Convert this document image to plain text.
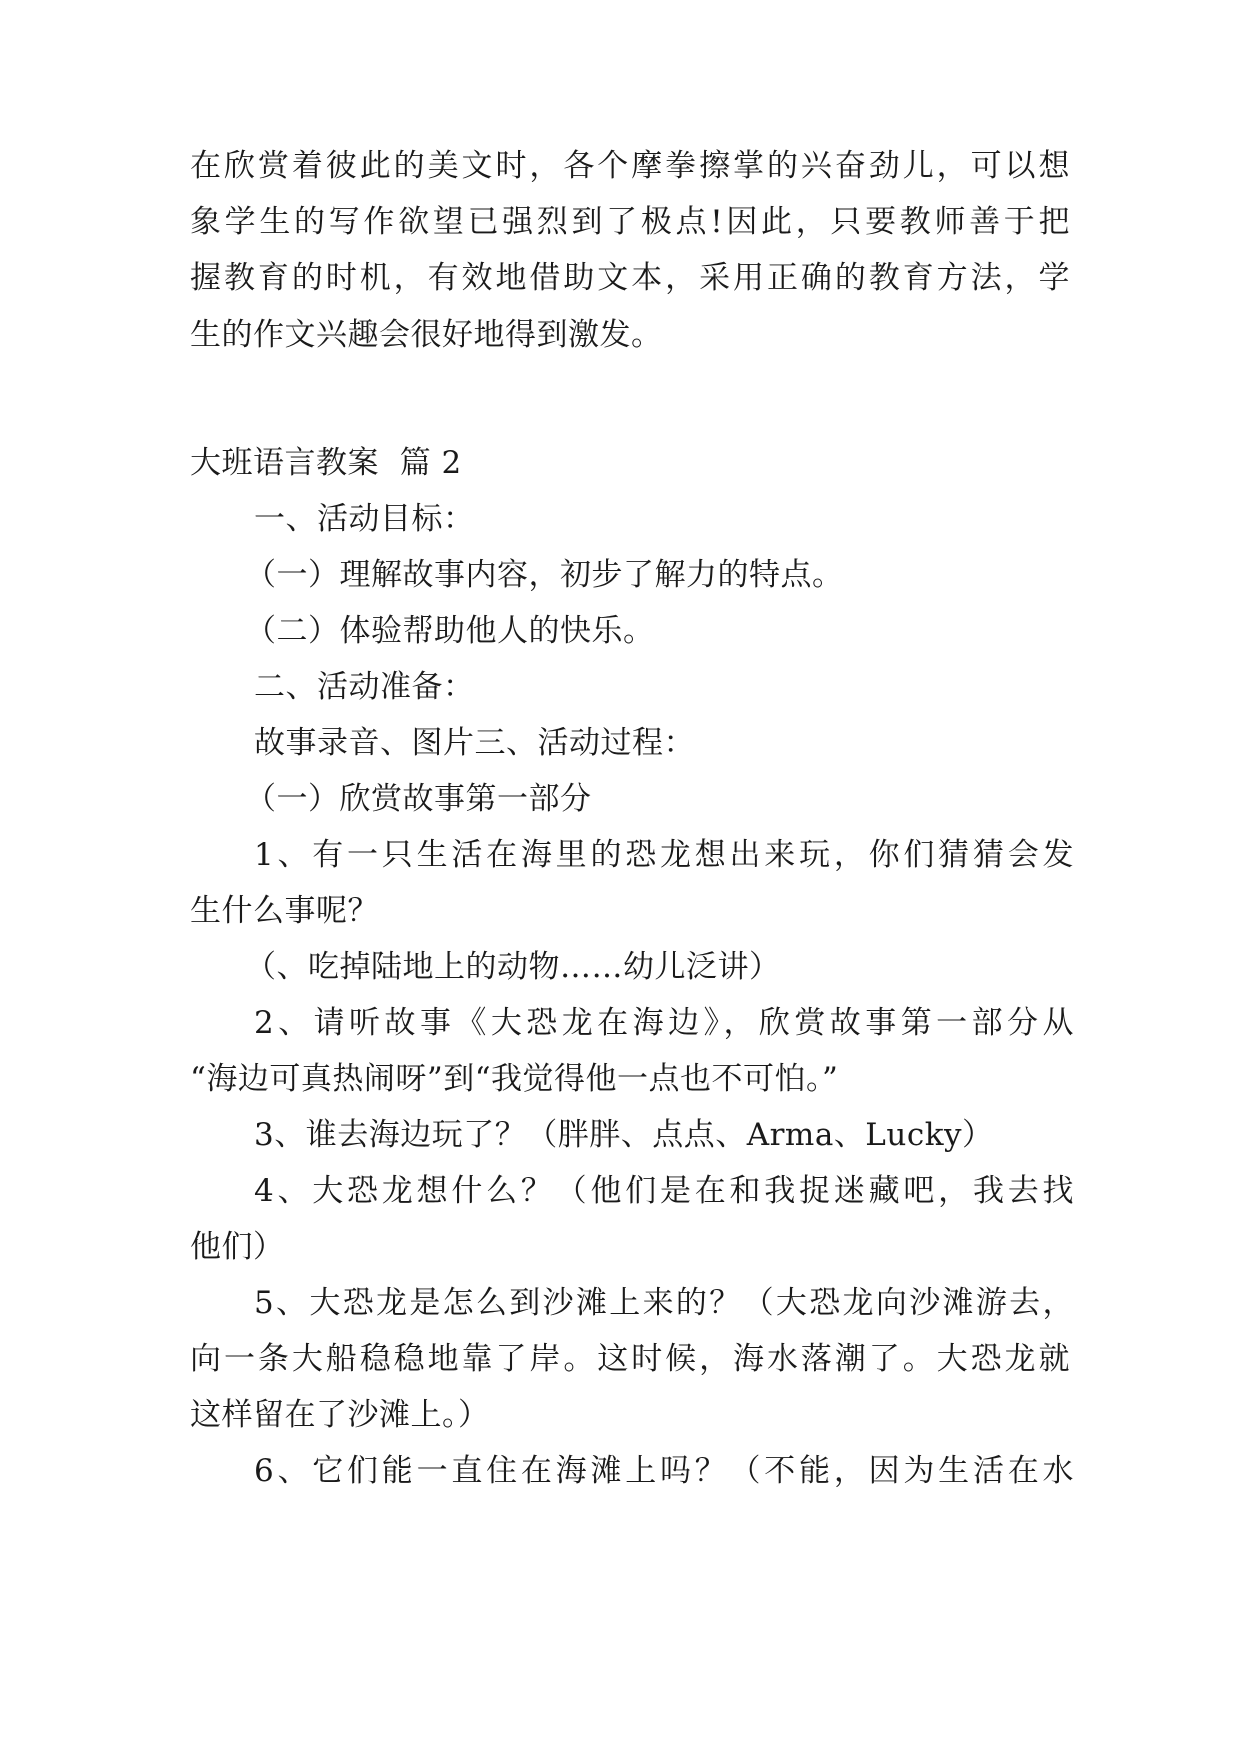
在欣赏着彼此的美文时，各个摩拳擦掌的兴奋劲儿，可以想
象学生的写作欲望已强烈到了极点!因此，只要教师善于把
握教育的时机，有效地借助文本，采用正确的教育方法，学
生的作文兴趣会很好地得到激发。
大班语言教案  篇 2
一、活动目标：
（一）理解故事内容，初步了解力的特点。
（二）体验帮助他人的快乐。
二、活动准备：
故事录音、图片三、活动过程：
（一）欣赏故事第一部分
1、有一只生活在海里的恐龙想出来玩，你们猜猜会发
生什么事呢？
（、吃掉陆地上的动物……幼儿泛讲）
2、请听故事《大恐龙在海边》，欣赏故事第一部分从
“海边可真热闹呀”到“我觉得他一点也不可怕。”
3、谁去海边玩了？（胖胖、点点、Arma、Lucky）
4、大恐龙想什么？（他们是在和我捉迷藏吧，我去找
他们）
5、大恐龙是怎么到沙滩上来的？（大恐龙向沙滩游去，
向一条大船稳稳地靠了岸。这时候，海水落潮了。大恐龙就
这样留在了沙滩上。）
6、它们能一直住在海滩上吗？（不能，因为生活在水
